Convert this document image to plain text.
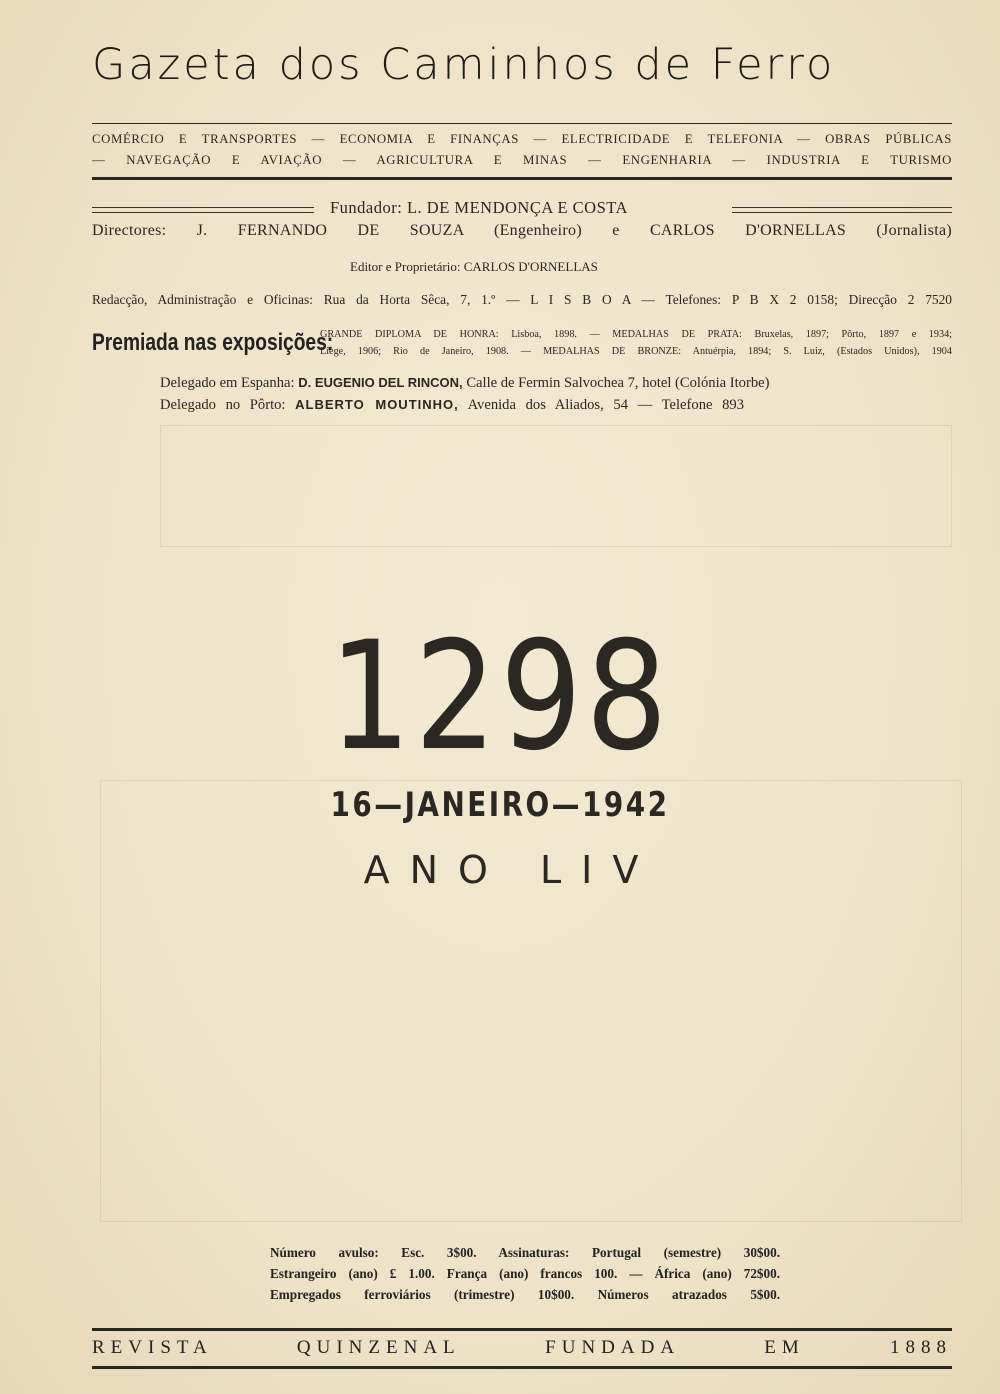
Gazeta dos Caminhos de Ferro
COMÉRCIO E TRANSPORTES — ECONOMIA E FINANÇAS — ELECTRICIDADE E TELEFONIA — OBRAS PÚBLICAS
— NAVEGAÇÃO E AVIAÇÃO — AGRICULTURA E MINAS — ENGENHARIA — INDUSTRIA E TURISMO
Fundador: L. DE MENDONÇA E COSTA
Directores: J. FERNANDO DE SOUZA (Engenheiro) e CARLOS D'ORNELLAS (Jornalista)
Editor e Proprietário: CARLOS D'ORNELLAS
Redacção, Administração e Oficinas: Rua da Horta Sêca, 7, 1.º — L I S B O A — Telefones: P B X 2 0158; Direcção 2 7520
Premiada nas exposições:
GRANDE DIPLOMA DE HONRA: Lisboa, 1898. — MEDALHAS DE PRATA: Bruxelas, 1897; Pôrto, 1897 e 1934;
Liège, 1906; Rio de Janeiro, 1908. — MEDALHAS DE BRONZE: Antuérpia, 1894; S. Luiz, (Estados Unidos), 1904
Delegado em Espanha: D. EUGENIO DEL RINCON, Calle de Fermin Salvochea 7, hotel (Colónia Itorbe)
Delegado no Pôrto: ALBERTO MOUTINHO, Avenida dos Aliados, 54 — Telefone 893
1298
16—JANEIRO—1942
ANO LIV
Número avulso: Esc. 3$00. Assinaturas: Portugal (semestre) 30$00.
Estrangeiro (ano) £ 1.00. França (ano) francos 100. — África (ano) 72$00.
Empregados ferroviários (trimestre) 10$00. Números atrazados 5$00.
REVISTA QUINZENAL FUNDADA EM 1888
